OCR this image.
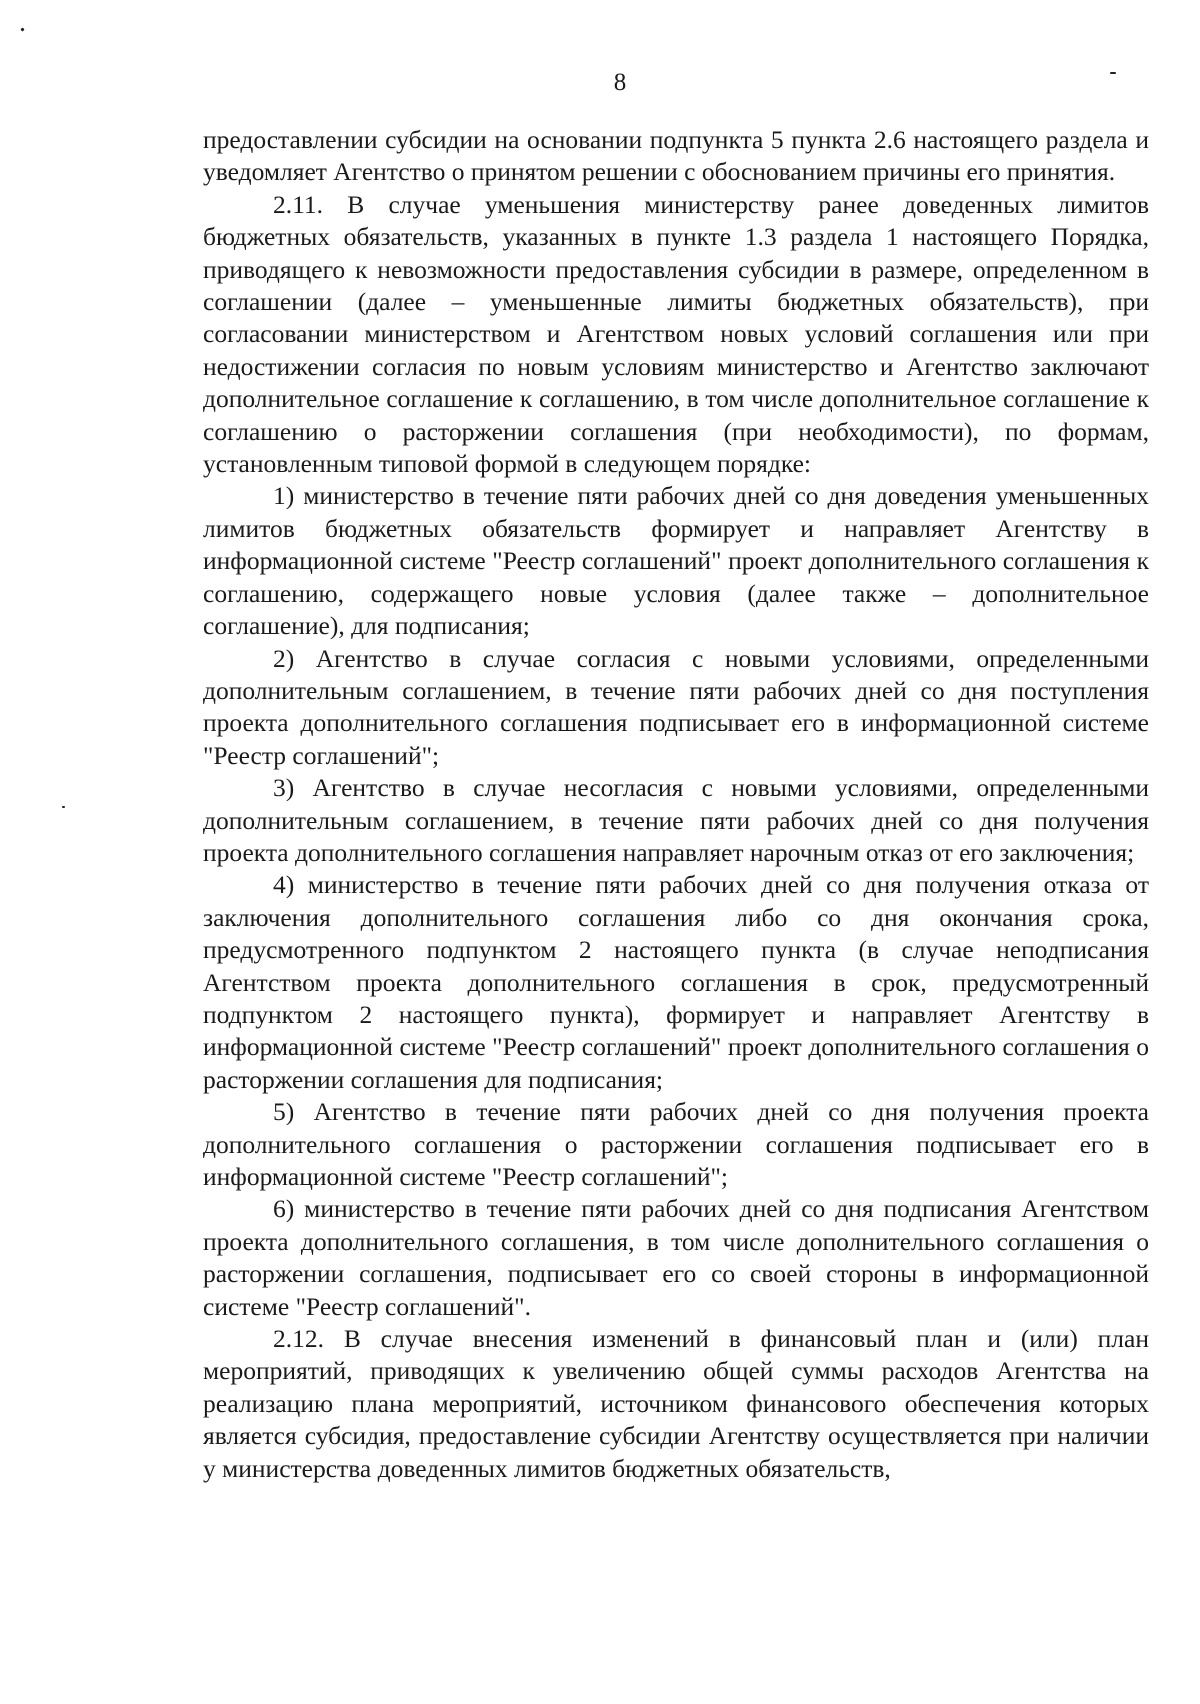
8

предоставлении субсидии на основании подпункта 5 пункта 2.6 настоящего раздела и уведомляет Агентство о принятом решении с обоснованием причины его принятия.

2.11. В случае уменьшения министерству ранее доведенных лимитов бюджетных обязательств, указанных в пункте 1.3 раздела 1 настоящего Порядка, приводящего к невозможности предоставления субсидии в размере, определенном в соглашении (далее – уменьшенные лимиты бюджетных обязательств), при согласовании министерством и Агентством новых условий соглашения или при недостижении согласия по новым условиям министерство и Агентство заключают дополнительное соглашение к соглашению, в том числе дополнительное соглашение к соглашению о расторжении соглашения (при необходимости), по формам, установленным типовой формой в следующем порядке:

1) министерство в течение пяти рабочих дней со дня доведения уменьшенных лимитов бюджетных обязательств формирует и направляет Агентству в информационной системе "Реестр соглашений" проект дополнительного соглашения к соглашению, содержащего новые условия (далее также – дополнительное соглашение), для подписания;

2) Агентство в случае согласия с новыми условиями, определенными дополнительным соглашением, в течение пяти рабочих дней со дня поступления проекта дополнительного соглашения подписывает его в информационной системе "Реестр соглашений";

3) Агентство в случае несогласия с новыми условиями, определенными дополнительным соглашением, в течение пяти рабочих дней со дня получения проекта дополнительного соглашения направляет нарочным отказ от его заключения;

4) министерство в течение пяти рабочих дней со дня получения отказа от заключения дополнительного соглашения либо со дня окончания срока, предусмотренного подпунктом 2 настоящего пункта (в случае неподписания Агентством проекта дополнительного соглашения в срок, предусмотренный подпунктом 2 настоящего пункта), формирует и направляет Агентству в информационной системе "Реестр соглашений" проект дополнительного соглашения о расторжении соглашения для подписания;

5) Агентство в течение пяти рабочих дней со дня получения проекта дополнительного соглашения о расторжении соглашения подписывает его в информационной системе "Реестр соглашений";

6) министерство в течение пяти рабочих дней со дня подписания Агентством проекта дополнительного соглашения, в том числе дополнительного соглашения о расторжении соглашения, подписывает его со своей стороны в информационной системе "Реестр соглашений".

2.12. В случае внесения изменений в финансовый план и (или) план мероприятий, приводящих к увеличению общей суммы расходов Агентства на реализацию плана мероприятий, источником финансового обеспечения которых является субсидия, предоставление субсидии Агентству осуществляется при наличии у министерства доведенных лимитов бюджетных обязательств,
